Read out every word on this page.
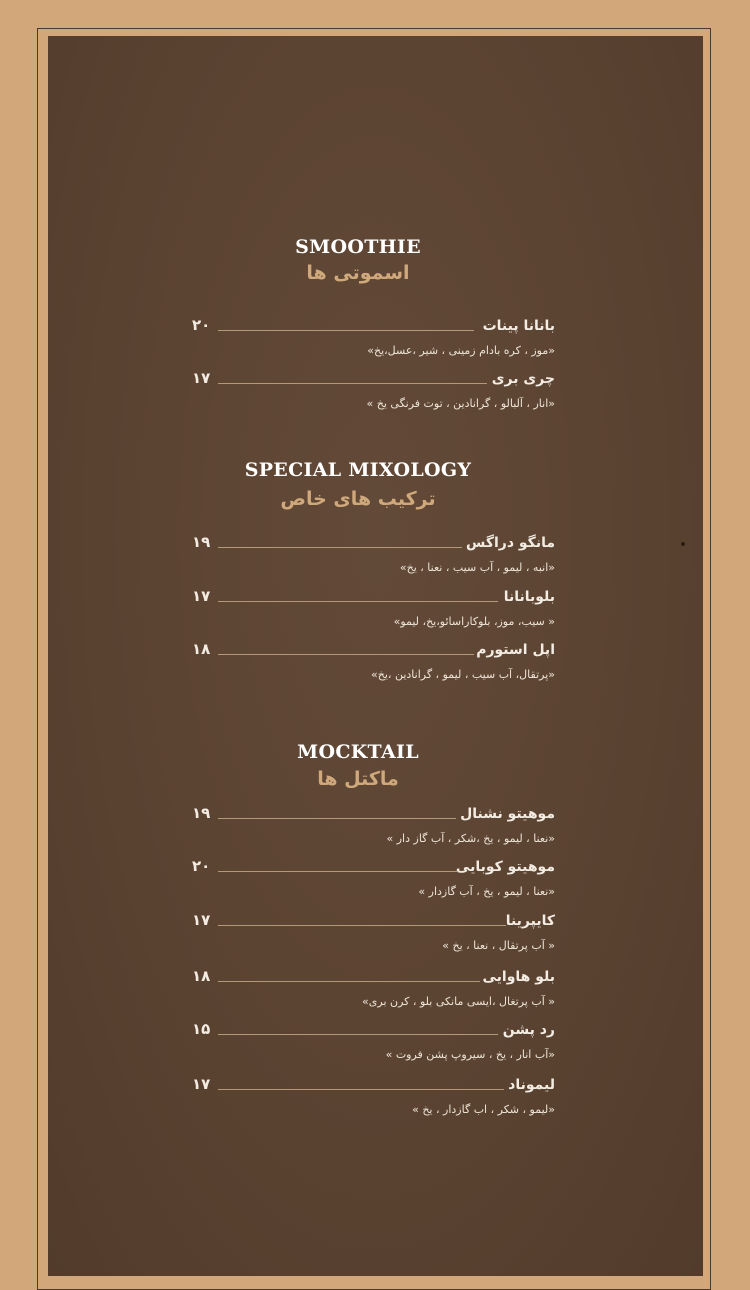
SMOOTHIE
اسموتی ها
بانانا پینات
۲۰
«موز ، کره بادام زمینی ، شیر ،عسل،یخ»
چری بری
۱۷
«انار ، آلبالو ، گرانادین ، توت فرنگی یخ »
SPECIAL MIXOLOGY
ترکیب های خاص
مانگو دراگس
۱۹
«انبه ، لیمو ، آب سیب ، نعنا ، یخ»
بلوبانانا
۱۷
« سیب، موز، بلوکاراسائو،یخ، لیمو»
اپل استورم
۱۸
«پرتقال، آب سیب ، لیمو ، گرانادین ،یخ»
MOCKTAIL
ماکتل ها
موهیتو نشنال
۱۹
«نعنا ، لیمو ، یخ ،شکر ، آب گاز دار »
موهیتو کوبایی
۲۰
«نعنا ، لیمو ، یخ ، آب گازدار »
کایپرینا
۱۷
« آب پرتقال ، نعنا ، یخ »
بلو هاوایی
۱۸
« آب پرتغال ،ایسی مانکی بلو ، کرن بری»
رد پشن
۱۵
«آب انار ، یخ ، سیروپ پشن فروت »
لیموناد
۱۷
«لیمو ، شکر ، اب گازدار ، یخ »
